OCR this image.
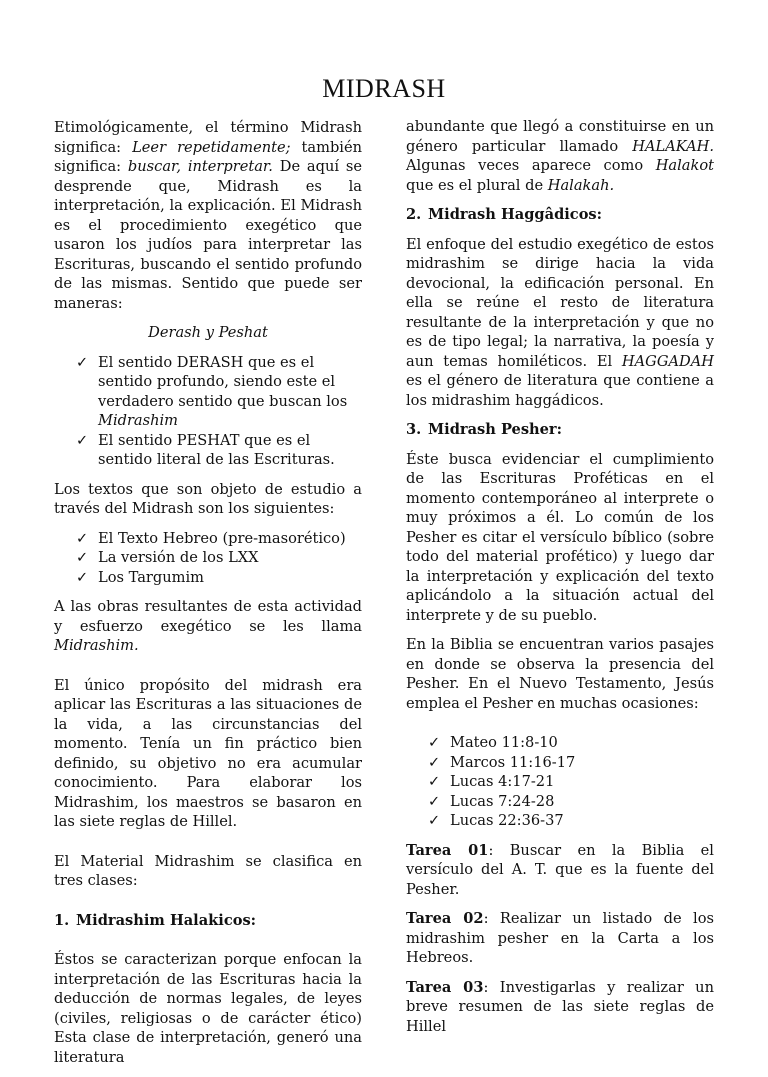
MIDRASH

Etimológicamente, el término Midrash significa: Leer repetidamente; también significa: buscar, interpretar. De aquí se desprende que, Midrash es la interpretación, la explicación. El Midrash es el procedimiento exegético que usaron los judíos para interpretar las Escrituras, buscando el sentido profundo de las mismas. Sentido que puede ser maneras:

Derash y Peshat

✓ El sentido DERASH que es el sentido profundo, siendo este el verdadero sentido que buscan los Midrashim
✓ El sentido PESHAT que es el sentido literal de las Escrituras.

Los textos que son objeto de estudio a través del Midrash son los siguientes:

✓ El Texto Hebreo (pre-masorético)
✓ La versión de los LXX
✓ Los Targumim

A las obras resultantes de esta actividad y esfuerzo exegético se les llama Midrashim.

El único propósito del midrash era aplicar las Escrituras a las situaciones de la vida, a las circunstancias del momento. Tenía un fin práctico bien definido, su objetivo no era acumular conocimiento. Para elaborar los Midrashim, los maestros se basaron en las siete reglas de Hillel.

El Material Midrashim se clasifica en tres clases:

1. Midrashim Halakicos:

Éstos se caracterizan porque enfocan la interpretación de las Escrituras hacia la deducción de normas legales, de leyes (civiles, religiosas o de carácter ético) Esta clase de interpretación, generó una literatura

abundante que llegó a constituirse en un género particular llamado HALAKAH. Algunas veces aparece como Halakot que es el plural de Halakah.

2. Midrash Haggâdicos:

El enfoque del estudio exegético de estos midrashim se dirige hacia la vida devocional, la edificación personal. En ella se reúne el resto de literatura resultante de la interpretación y que no es de tipo legal; la narrativa, la poesía y aun temas homiléticos. El HAGGADAH es el género de literatura que contiene a los midrashim haggádicos.

3. Midrash Pesher:

Éste busca evidenciar el cumplimiento de las Escrituras Proféticas en el momento contemporáneo al interprete o muy próximos a él. Lo común de los Pesher es citar el versículo bíblico (sobre todo del material profético) y luego dar la interpretación y explicación del texto aplicándolo a la situación actual del interprete y de su pueblo.

En la Biblia se encuentran varios pasajes en donde se observa la presencia del Pesher. En el Nuevo Testamento, Jesús emplea el Pesher en muchas ocasiones:

✓ Mateo 11:8-10
✓ Marcos 11:16-17
✓ Lucas 4:17-21
✓ Lucas 7:24-28
✓ Lucas 22:36-37

Tarea 01: Buscar en la Biblia el versículo del A. T. que es la fuente del Pesher.

Tarea 02: Realizar un listado de los midrashim pesher en la Carta a los Hebreos.

Tarea 03: Investigarlas y realizar un breve resumen de las siete reglas de Hillel
